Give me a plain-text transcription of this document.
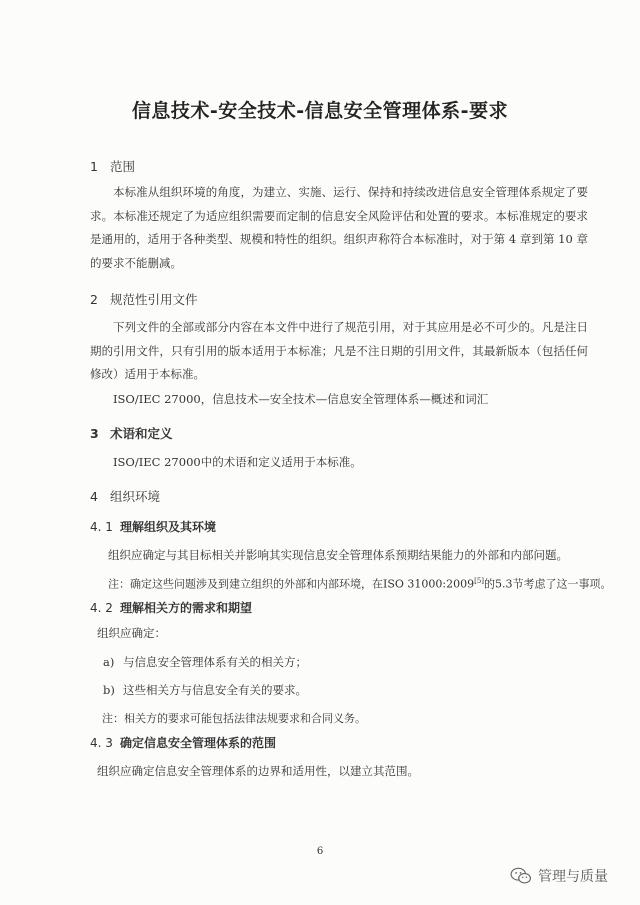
信息技术-安全技术-信息安全管理体系-要求
1 范围
本标准从组织环境的角度，为建立、实施、运行、保持和持续改进信息安全管理体系规定了要求。本标准还规定了为适应组织需要而定制的信息安全风险评估和处置的要求。本标准规定的要求是通用的，适用于各种类型、规模和特性的组织。组织声称符合本标准时，对于第 4 章到第 10 章的要求不能删减。
2 规范性引用文件
下列文件的全部或部分内容在本文件中进行了规范引用，对于其应用是必不可少的。凡是注日期的引用文件，只有引用的版本适用于本标准；凡是不注日期的引用文件，其最新版本（包括任何修改）适用于本标准。
ISO/IEC 27000，信息技术—安全技术—信息安全管理体系—概述和词汇
3 术语和定义
ISO/IEC 27000中的术语和定义适用于本标准。
4 组织环境
4. 1 理解组织及其环境
组织应确定与其目标相关并影响其实现信息安全管理体系预期结果能力的外部和内部问题。
注：确定这些问题涉及到建立组织的外部和内部环境，在ISO 31000:2009[5]的5.3节考虑了这一事项。
4. 2 理解相关方的需求和期望
组织应确定：
a) 与信息安全管理体系有关的相关方；
b) 这些相关方与信息安全有关的要求。
注：相关方的要求可能包括法律法规要求和合同义务。
4. 3 确定信息安全管理体系的范围
组织应确定信息安全管理体系的边界和适用性，以建立其范围。
6
管理与质量
